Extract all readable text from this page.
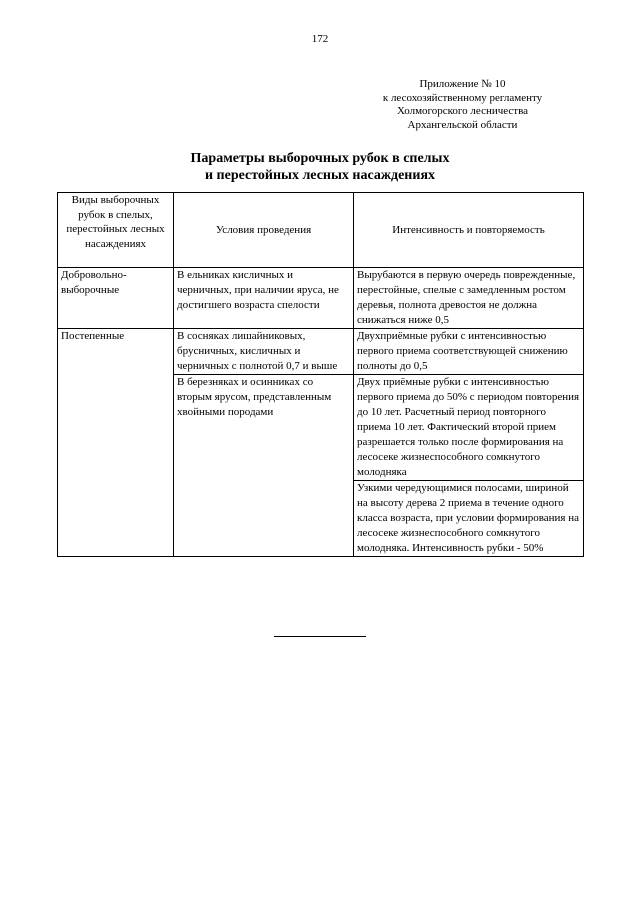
172
Приложение № 10
к лесохозяйственному регламенту
Холмогорского лесничества
Архангельской области
Параметры выборочных рубок в спелых
и перестойных лесных насаждениях
Виды выборочных рубок в спелых, перестойных лесных насаждениях	Условия проведения	Интенсивность и повторяемость
Добровольно-выборочные	В ельниках кисличных и черничных, при наличии яруса, не достигшего возраста спелости	Вырубаются в первую очередь поврежденные, перестойные, спелые с замедленным ростом деревья, полнота древостоя не должна снижаться ниже 0,5
Постепенные	В сосняках лишайниковых, брусничных, кисличных и черничных с полнотой 0,7 и выше	Двухприёмные рубки с интенсивностью первого приема соответствующей снижению полноты до 0,5
	В березняках и осинниках со вторым ярусом, представленным хвойными породами	Двух приёмные рубки с интенсивностью первого приема до 50% с периодом повторения до 10 лет. Расчетный период повторного приема 10 лет. Фактический второй прием разрешается только после формирования на лесосеке жизнеспособного сомкнутого молодняка
		Узкими чередующимися полосами, шириной на высоту дерева 2 приема в течение одного класса возраста, при условии формирования на лесосеке жизнеспособного сомкнутого молодняка. Интенсивность рубки - 50%
